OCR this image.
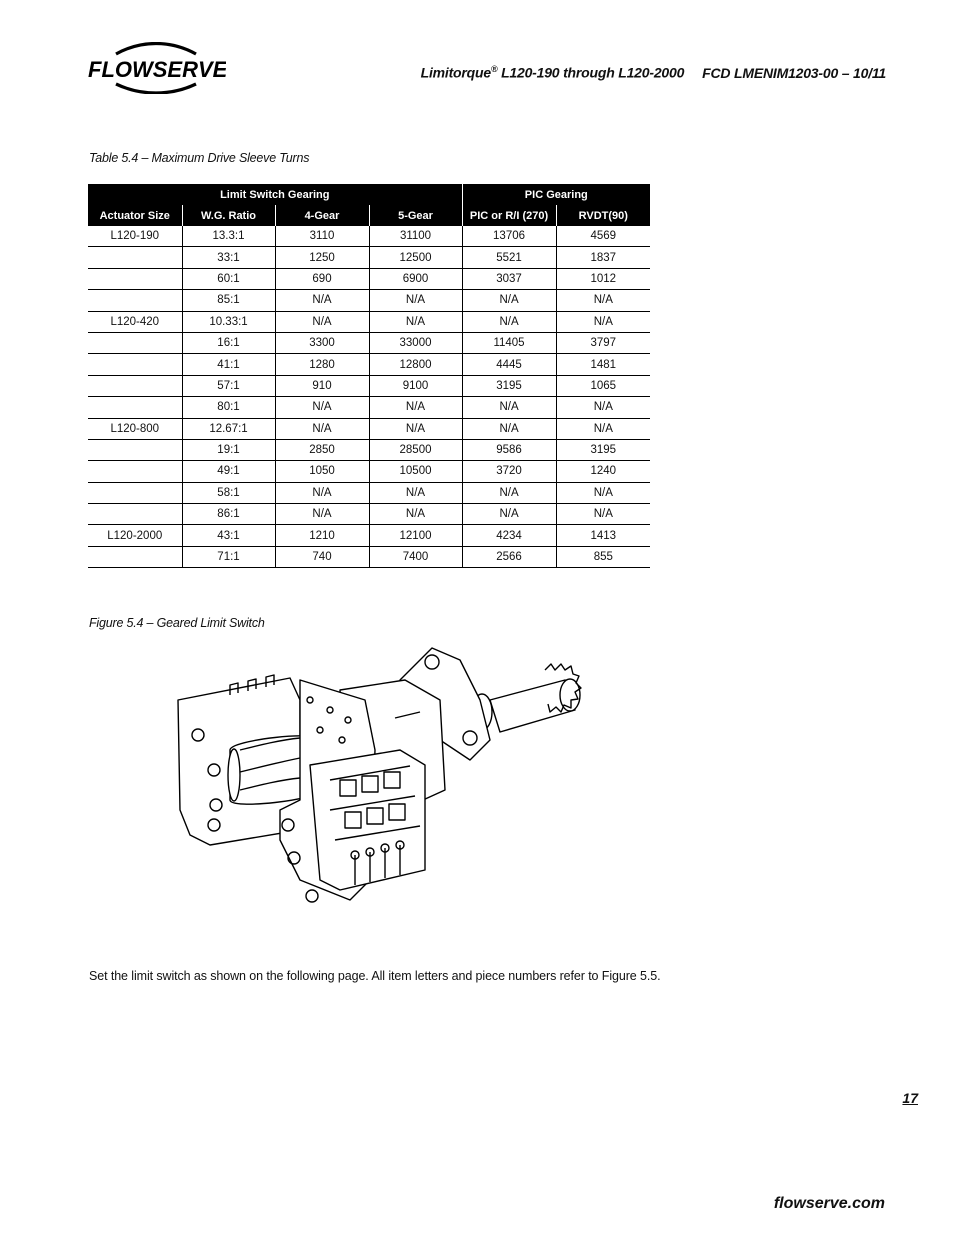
FLOWSERVE	Limitorque® L120-190 through L120-2000 FCD LMENIM1203-00 – 10/11
Table 5.4 – Maximum Drive Sleeve Turns
Limit Switch Gearing				PIC Gearing	
Actuator Size	W.G. Ratio	4-Gear	5-Gear	PIC or R/I (270)	RVDT(90)
L120-190	13.3:1	3110	31100	13706	4569
	33:1	1250	12500	5521	1837
	60:1	690	6900	3037	1012
	85:1	N/A	N/A	N/A	N/A
L120-420	10.33:1	N/A	N/A	N/A	N/A
	16:1	3300	33000	11405	3797
	41:1	1280	12800	4445	1481
	57:1	910	9100	3195	1065
	80:1	N/A	N/A	N/A	N/A
L120-800	12.67:1	N/A	N/A	N/A	N/A
	19:1	2850	28500	9586	3195
	49:1	1050	10500	3720	1240
	58:1	N/A	N/A	N/A	N/A
	86:1	N/A	N/A	N/A	N/A
L120-2000	43:1	1210	12100	4234	1413
	71:1	740	7400	2566	855
Figure 5.4 – Geared Limit Switch
Set the limit switch as shown on the following page. All item letters and piece numbers refer to Figure 5.5.
17
flowserve.com
